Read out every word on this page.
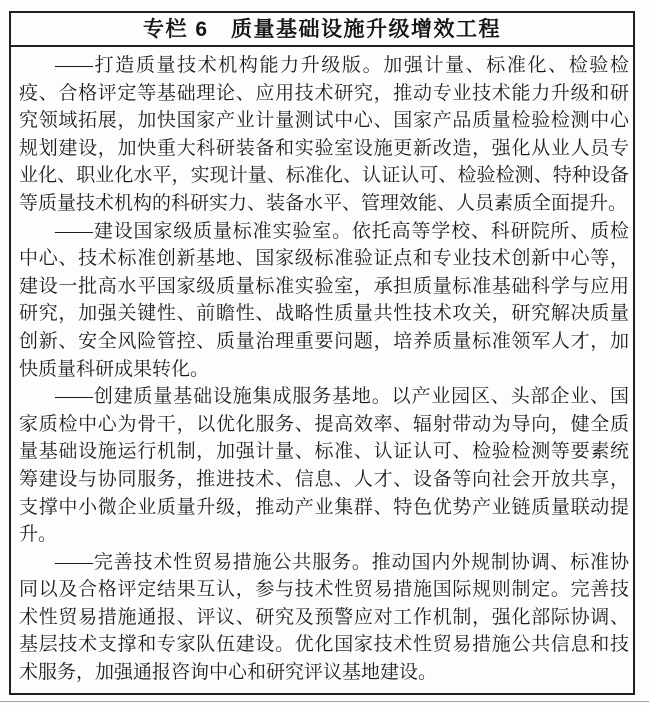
专栏 6　质量基础设施升级增效工程
——打造质量技术机构能力升级版。加强计量、标准化、检验检
疫、合格评定等基础理论、应用技术研究，推动专业技术能力升级和研
究领域拓展，加快国家产业计量测试中心、国家产品质量检验检测中心
规划建设，加快重大科研装备和实验室设施更新改造，强化从业人员专
业化、职业化水平，实现计量、标准化、认证认可、检验检测、特种设备
等质量技术机构的科研实力、装备水平、管理效能、人员素质全面提升。
——建设国家级质量标准实验室。依托高等学校、科研院所、质检
中心、技术标准创新基地、国家级标准验证点和专业技术创新中心等，
建设一批高水平国家级质量标准实验室，承担质量标准基础科学与应用
研究，加强关键性、前瞻性、战略性质量共性技术攻关，研究解决质量
创新、安全风险管控、质量治理重要问题，培养质量标准领军人才，加
快质量科研成果转化。
——创建质量基础设施集成服务基地。以产业园区、头部企业、国
家质检中心为骨干，以优化服务、提高效率、辐射带动为导向，健全质
量基础设施运行机制，加强计量、标准、认证认可、检验检测等要素统
筹建设与协同服务，推进技术、信息、人才、设备等向社会开放共享，
支撑中小微企业质量升级，推动产业集群、特色优势产业链质量联动提
升。
——完善技术性贸易措施公共服务。推动国内外规制协调、标准协
同以及合格评定结果互认，参与技术性贸易措施国际规则制定。完善技
术性贸易措施通报、评议、研究及预警应对工作机制，强化部际协调、
基层技术支撑和专家队伍建设。优化国家技术性贸易措施公共信息和技
术服务，加强通报咨询中心和研究评议基地建设。
